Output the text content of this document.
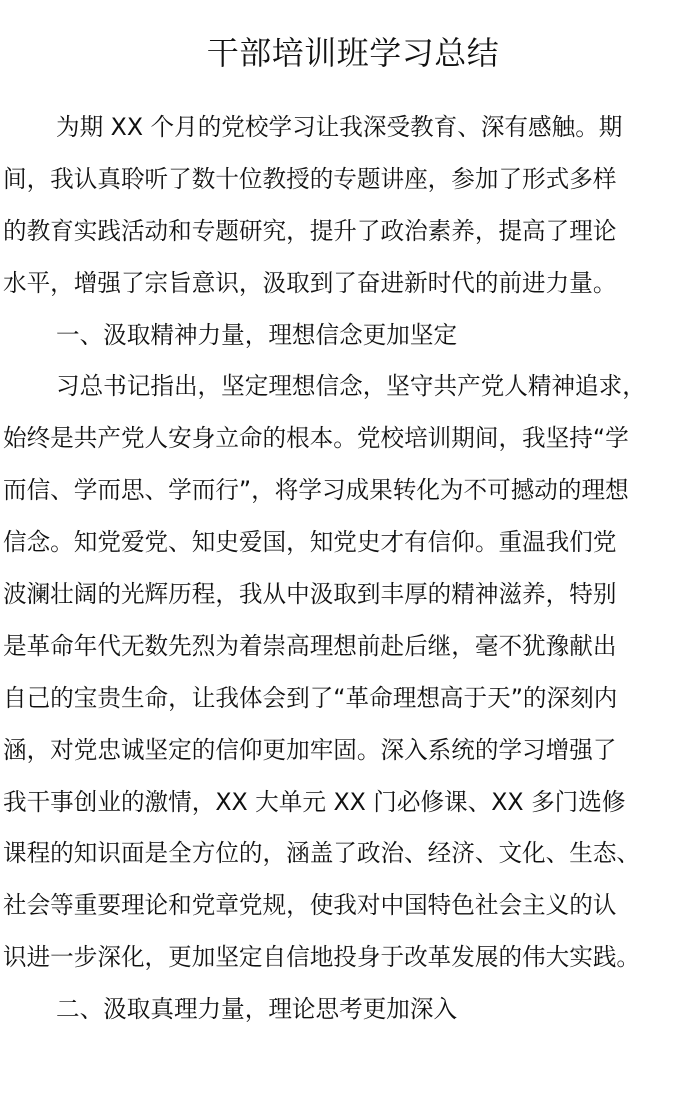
干部培训班学习总结
为期 XX 个月的党校学习让我深受教育、深有感触。期
间，我认真聆听了数十位教授的专题讲座，参加了形式多样
的教育实践活动和专题研究，提升了政治素养，提高了理论
水平，增强了宗旨意识，汲取到了奋进新时代的前进力量。
一、汲取精神力量，理想信念更加坚定
习总书记指出，坚定理想信念，坚守共产党人精神追求，
始终是共产党人安身立命的根本。党校培训期间，我坚持“学
而信、学而思、学而行”，将学习成果转化为不可撼动的理想
信念。知党爱党、知史爱国，知党史才有信仰。重温我们党
波澜壮阔的光辉历程，我从中汲取到丰厚的精神滋养，特别
是革命年代无数先烈为着崇高理想前赴后继，毫不犹豫献出
自己的宝贵生命，让我体会到了“革命理想高于天”的深刻内
涵，对党忠诚坚定的信仰更加牢固。深入系统的学习增强了
我干事创业的激情，XX 大单元 XX 门必修课、XX 多门选修
课程的知识面是全方位的，涵盖了政治、经济、文化、生态、
社会等重要理论和党章党规，使我对中国特色社会主义的认
识进一步深化，更加坚定自信地投身于改革发展的伟大实践。
二、汲取真理力量，理论思考更加深入
